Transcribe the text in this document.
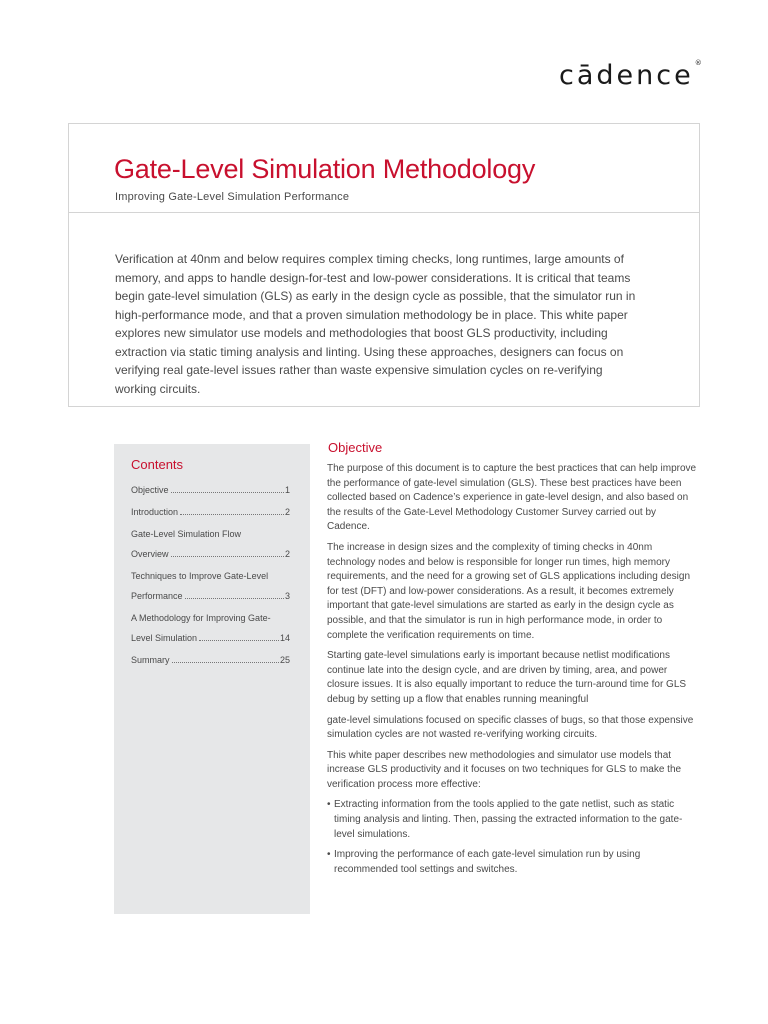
cādence®
Gate-Level Simulation Methodology
Improving Gate-Level Simulation Performance
Verification at 40nm and below requires complex timing checks, long runtimes, large amounts of memory, and apps to handle design-for-test and low-power considerations. It is critical that teams begin gate-level simulation (GLS) as early in the design cycle as possible, that the simulator run in high-performance mode, and that a proven simulation methodology be in place. This white paper explores new simulator use models and methodologies that boost GLS productivity, including extraction via static timing analysis and linting. Using these approaches, designers can focus on verifying real gate-level issues rather than waste expensive simulation cycles on re-verifying working circuits.
Contents
Objective	1
Introduction	2
Gate-Level Simulation Flow
Overview	2
Techniques to Improve Gate-Level
Performance	3
A Methodology for Improving Gate-
Level Simulation	14
Summary	25
Objective

The purpose of this document is to capture the best practices that can help improve the performance of gate-level simulation (GLS). These best practices have been collected based on Cadence’s experience in gate-level design, and also based on the results of the Gate-Level Methodology Customer Survey carried out by Cadence.

The increase in design sizes and the complexity of timing checks in 40nm technology nodes and below is responsible for longer run times, high memory requirements, and the need for a growing set of GLS applications including design for test (DFT) and low-power considerations. As a result, it becomes extremely important that gate-level simulations are started as early in the design cycle as possible, and that the simulator is run in high performance mode, in order to complete the verification requirements on time.

Starting gate-level simulations early is important because netlist modifications continue late into the design cycle, and are driven by timing, area, and power closure issues. It is also equally important to reduce the turn-around time for GLS debug by setting up a flow that enables running meaningful

gate-level simulations focused on specific classes of bugs, so that those expensive simulation cycles are not wasted re-verifying working circuits.

This white paper describes new methodologies and simulator use models that increase GLS productivity and it focuses on two techniques for GLS to make the verification process more effective:

• Extracting information from the tools applied to the gate netlist, such as static timing analysis and linting. Then, passing the extracted information to the gate-level simulations.
• Improving the performance of each gate-level simulation run by using recommended tool settings and switches.
